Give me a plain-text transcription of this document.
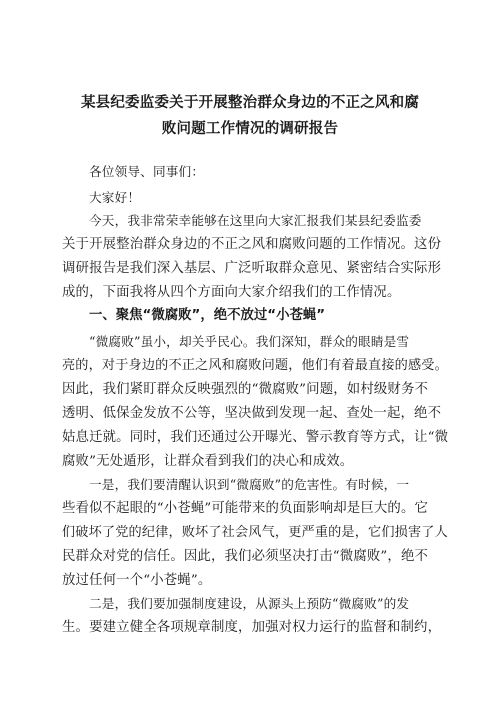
某县纪委监委关于开展整治群众身边的不正之风和腐
败问题工作情况的调研报告
各位领导、同事们：
大家好！
今天，我非常荣幸能够在这里向大家汇报我们某县纪委监委
关于开展整治群众身边的不正之风和腐败问题的工作情况。这份
调研报告是我们深入基层、广泛听取群众意见、紧密结合实际形
成的，下面我将从四个方面向大家介绍我们的工作情况。
一、聚焦“微腐败”，绝不放过“小苍蝇”
“微腐败”虽小，却关乎民心。我们深知，群众的眼睛是雪
亮的，对于身边的不正之风和腐败问题，他们有着最直接的感受。
因此，我们紧盯群众反映强烈的“微腐败”问题，如村级财务不
透明、低保金发放不公等，坚决做到发现一起、查处一起，绝不
姑息迁就。同时，我们还通过公开曝光、警示教育等方式，让“微
腐败”无处遁形，让群众看到我们的决心和成效。
一是，我们要清醒认识到“微腐败”的危害性。有时候，一
些看似不起眼的“小苍蝇”可能带来的负面影响却是巨大的。它
们破坏了党的纪律，败坏了社会风气，更严重的是，它们损害了人
民群众对党的信任。因此，我们必须坚决打击“微腐败”，绝不
放过任何一个“小苍蝇”。
二是，我们要加强制度建设，从源头上预防“微腐败”的发
生。要建立健全各项规章制度，加强对权力运行的监督和制约，
